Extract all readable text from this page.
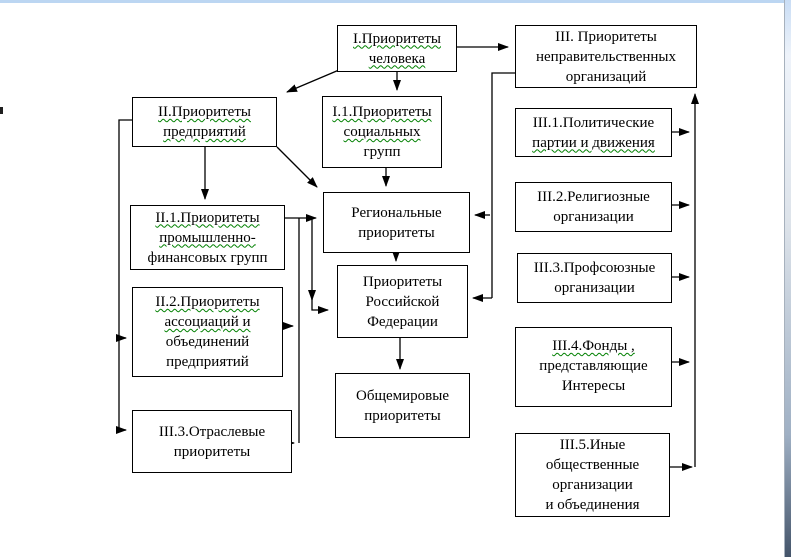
I.Приоритеты
человека
III. Приоритеты
неправительственных
организаций
II.Приоритеты
предприятий
I.1.Приоритеты
социальных
групп
Региональные
приоритеты
Приоритеты
Российской
Федерации
Общемировые
приоритеты
II.1.Приоритеты
промышленно-
финансовых групп
II.2.Приоритеты
ассоциаций и
объединений
предприятий
III.3.Отраслевые
приоритеты
III.1.Политические
партии и движения
III.2.Религиозные
организации
III.3.Профсоюзные
организации
III.4.Фонды ,
представляющие
Интересы
III.5.Иные
общественные
организации
и объединения
